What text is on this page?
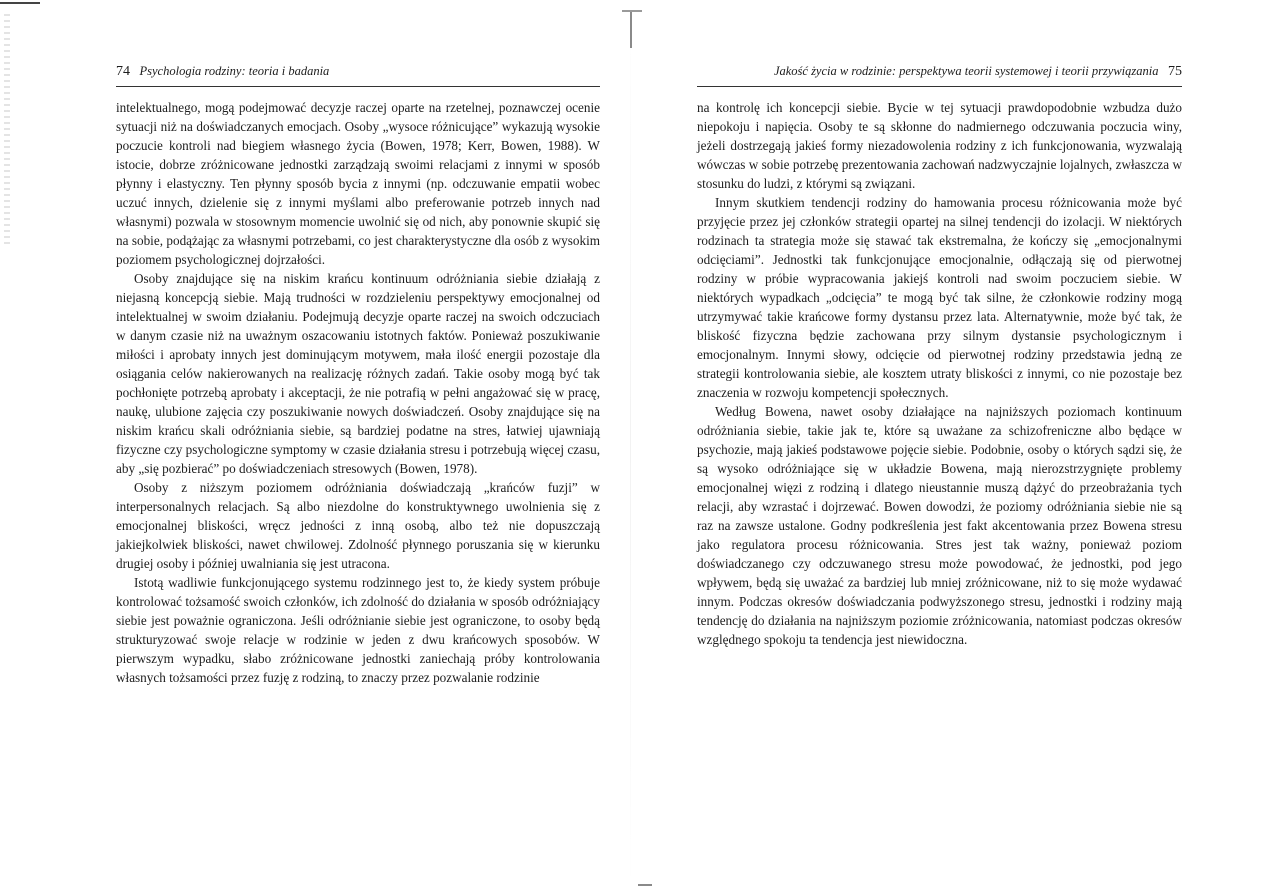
74 Psychologia rodziny: teoria i badania

intelektualnego, mogą podejmować decyzje raczej oparte na rzetelnej, poznawczej ocenie sytuacji niż na doświadczanych emocjach. Osoby „wysoce różnicujące” wykazują wysokie poczucie kontroli nad biegiem własnego życia (Bowen, 1978; Kerr, Bowen, 1988). W istocie, dobrze zróżnicowane jednostki zarządzają swoimi relacjami z innymi w sposób płynny i elastyczny. Ten płynny sposób bycia z innymi (np. odczuwanie empatii wobec uczuć innych, dzielenie się z innymi myślami albo preferowanie potrzeb innych nad własnymi) pozwala w stosownym momencie uwolnić się od nich, aby ponownie skupić się na sobie, podążając za własnymi potrzebami, co jest charakterystyczne dla osób z wysokim poziomem psychologicznej dojrzałości.

Osoby znajdujące się na niskim krańcu kontinuum odróżniania siebie działają z niejasną koncepcją siebie. Mają trudności w rozdzieleniu perspektywy emocjonalnej od intelektualnej w swoim działaniu. Podejmują decyzje oparte raczej na swoich odczuciach w danym czasie niż na uważnym oszacowaniu istotnych faktów. Ponieważ poszukiwanie miłości i aprobaty innych jest dominującym motywem, mała ilość energii pozostaje dla osiągania celów nakierowanych na realizację różnych zadań. Takie osoby mogą być tak pochłonięte potrzebą aprobaty i akceptacji, że nie potrafią w pełni angażować się w pracę, naukę, ulubione zajęcia czy poszukiwanie nowych doświadczeń. Osoby znajdujące się na niskim krańcu skali odróżniania siebie, są bardziej podatne na stres, łatwiej ujawniają fizyczne czy psychologiczne symptomy w czasie działania stresu i potrzebują więcej czasu, aby „się pozbierać” po doświadczeniach stresowych (Bowen, 1978).

Osoby z niższym poziomem odróżniania doświadczają „krańców fuzji” w interpersonalnych relacjach. Są albo niezdolne do konstruktywnego uwolnienia się z emocjonalnej bliskości, wręcz jedności z inną osobą, albo też nie dopuszczają jakiejkolwiek bliskości, nawet chwilowej. Zdolność płynnego poruszania się w kierunku drugiej osoby i później uwalniania się jest utracona.

Istotą wadliwie funkcjonującego systemu rodzinnego jest to, że kiedy system próbuje kontrolować tożsamość swoich członków, ich zdolność do działania w sposób odróżniający siebie jest poważnie ograniczona. Jeśli odróżnianie siebie jest ograniczone, to osoby będą strukturyzować swoje relacje w rodzinie w jeden z dwu krańcowych sposobów. W pierwszym wypadku, słabo zróżnicowane jednostki zaniechają próby kontrolowania własnych tożsamości przez fuzję z rodziną, to znaczy przez pozwalanie rodzinie

Jakość życia w rodzinie: perspektywa teorii systemowej i teorii przywiązania 75

na kontrolę ich koncepcji siebie. Bycie w tej sytuacji prawdopodobnie wzbudza dużo niepokoju i napięcia. Osoby te są skłonne do nadmiernego odczuwania poczucia winy, jeżeli dostrzegają jakieś formy niezadowolenia rodziny z ich funkcjonowania, wyzwalają wówczas w sobie potrzebę prezentowania zachowań nadzwyczajnie lojalnych, zwłaszcza w stosunku do ludzi, z którymi są związani.

Innym skutkiem tendencji rodziny do hamowania procesu różnicowania może być przyjęcie przez jej członków strategii opartej na silnej tendencji do izolacji. W niektórych rodzinach ta strategia może się stawać tak ekstremalna, że kończy się „emocjonalnymi odcięciami”. Jednostki tak funkcjonujące emocjonalnie, odłączają się od pierwotnej rodziny w próbie wypracowania jakiejś kontroli nad swoim poczuciem siebie. W niektórych wypadkach „odcięcia” te mogą być tak silne, że członkowie rodziny mogą utrzymywać takie krańcowe formy dystansu przez lata. Alternatywnie, może być tak, że bliskość fizyczna będzie zachowana przy silnym dystansie psychologicznym i emocjonalnym. Innymi słowy, odcięcie od pierwotnej rodziny przedstawia jedną ze strategii kontrolowania siebie, ale kosztem utraty bliskości z innymi, co nie pozostaje bez znaczenia w rozwoju kompetencji społecznych.

Według Bowena, nawet osoby działające na najniższych poziomach kontinuum odróżniania siebie, takie jak te, które są uważane za schizofreniczne albo będące w psychozie, mają jakieś podstawowe pojęcie siebie. Podobnie, osoby o których sądzi się, że są wysoko odróżniające się w układzie Bowena, mają nierozstrzygnięte problemy emocjonalnej więzi z rodziną i dlatego nieustannie muszą dążyć do przeobrażania tych relacji, aby wzrastać i dojrzewać. Bowen dowodzi, że poziomy odróżniania siebie nie są raz na zawsze ustalone. Godny podkreślenia jest fakt akcentowania przez Bowena stresu jako regulatora procesu różnicowania. Stres jest tak ważny, ponieważ poziom doświadczanego czy odczuwanego stresu może powodować, że jednostki, pod jego wpływem, będą się uważać za bardziej lub mniej zróżnicowane, niż to się może wydawać innym. Podczas okresów doświadczania podwyższonego stresu, jednostki i rodziny mają tendencję do działania na najniższym poziomie zróżnicowania, natomiast podczas okresów względnego spokoju ta tendencja jest niewidoczna.
